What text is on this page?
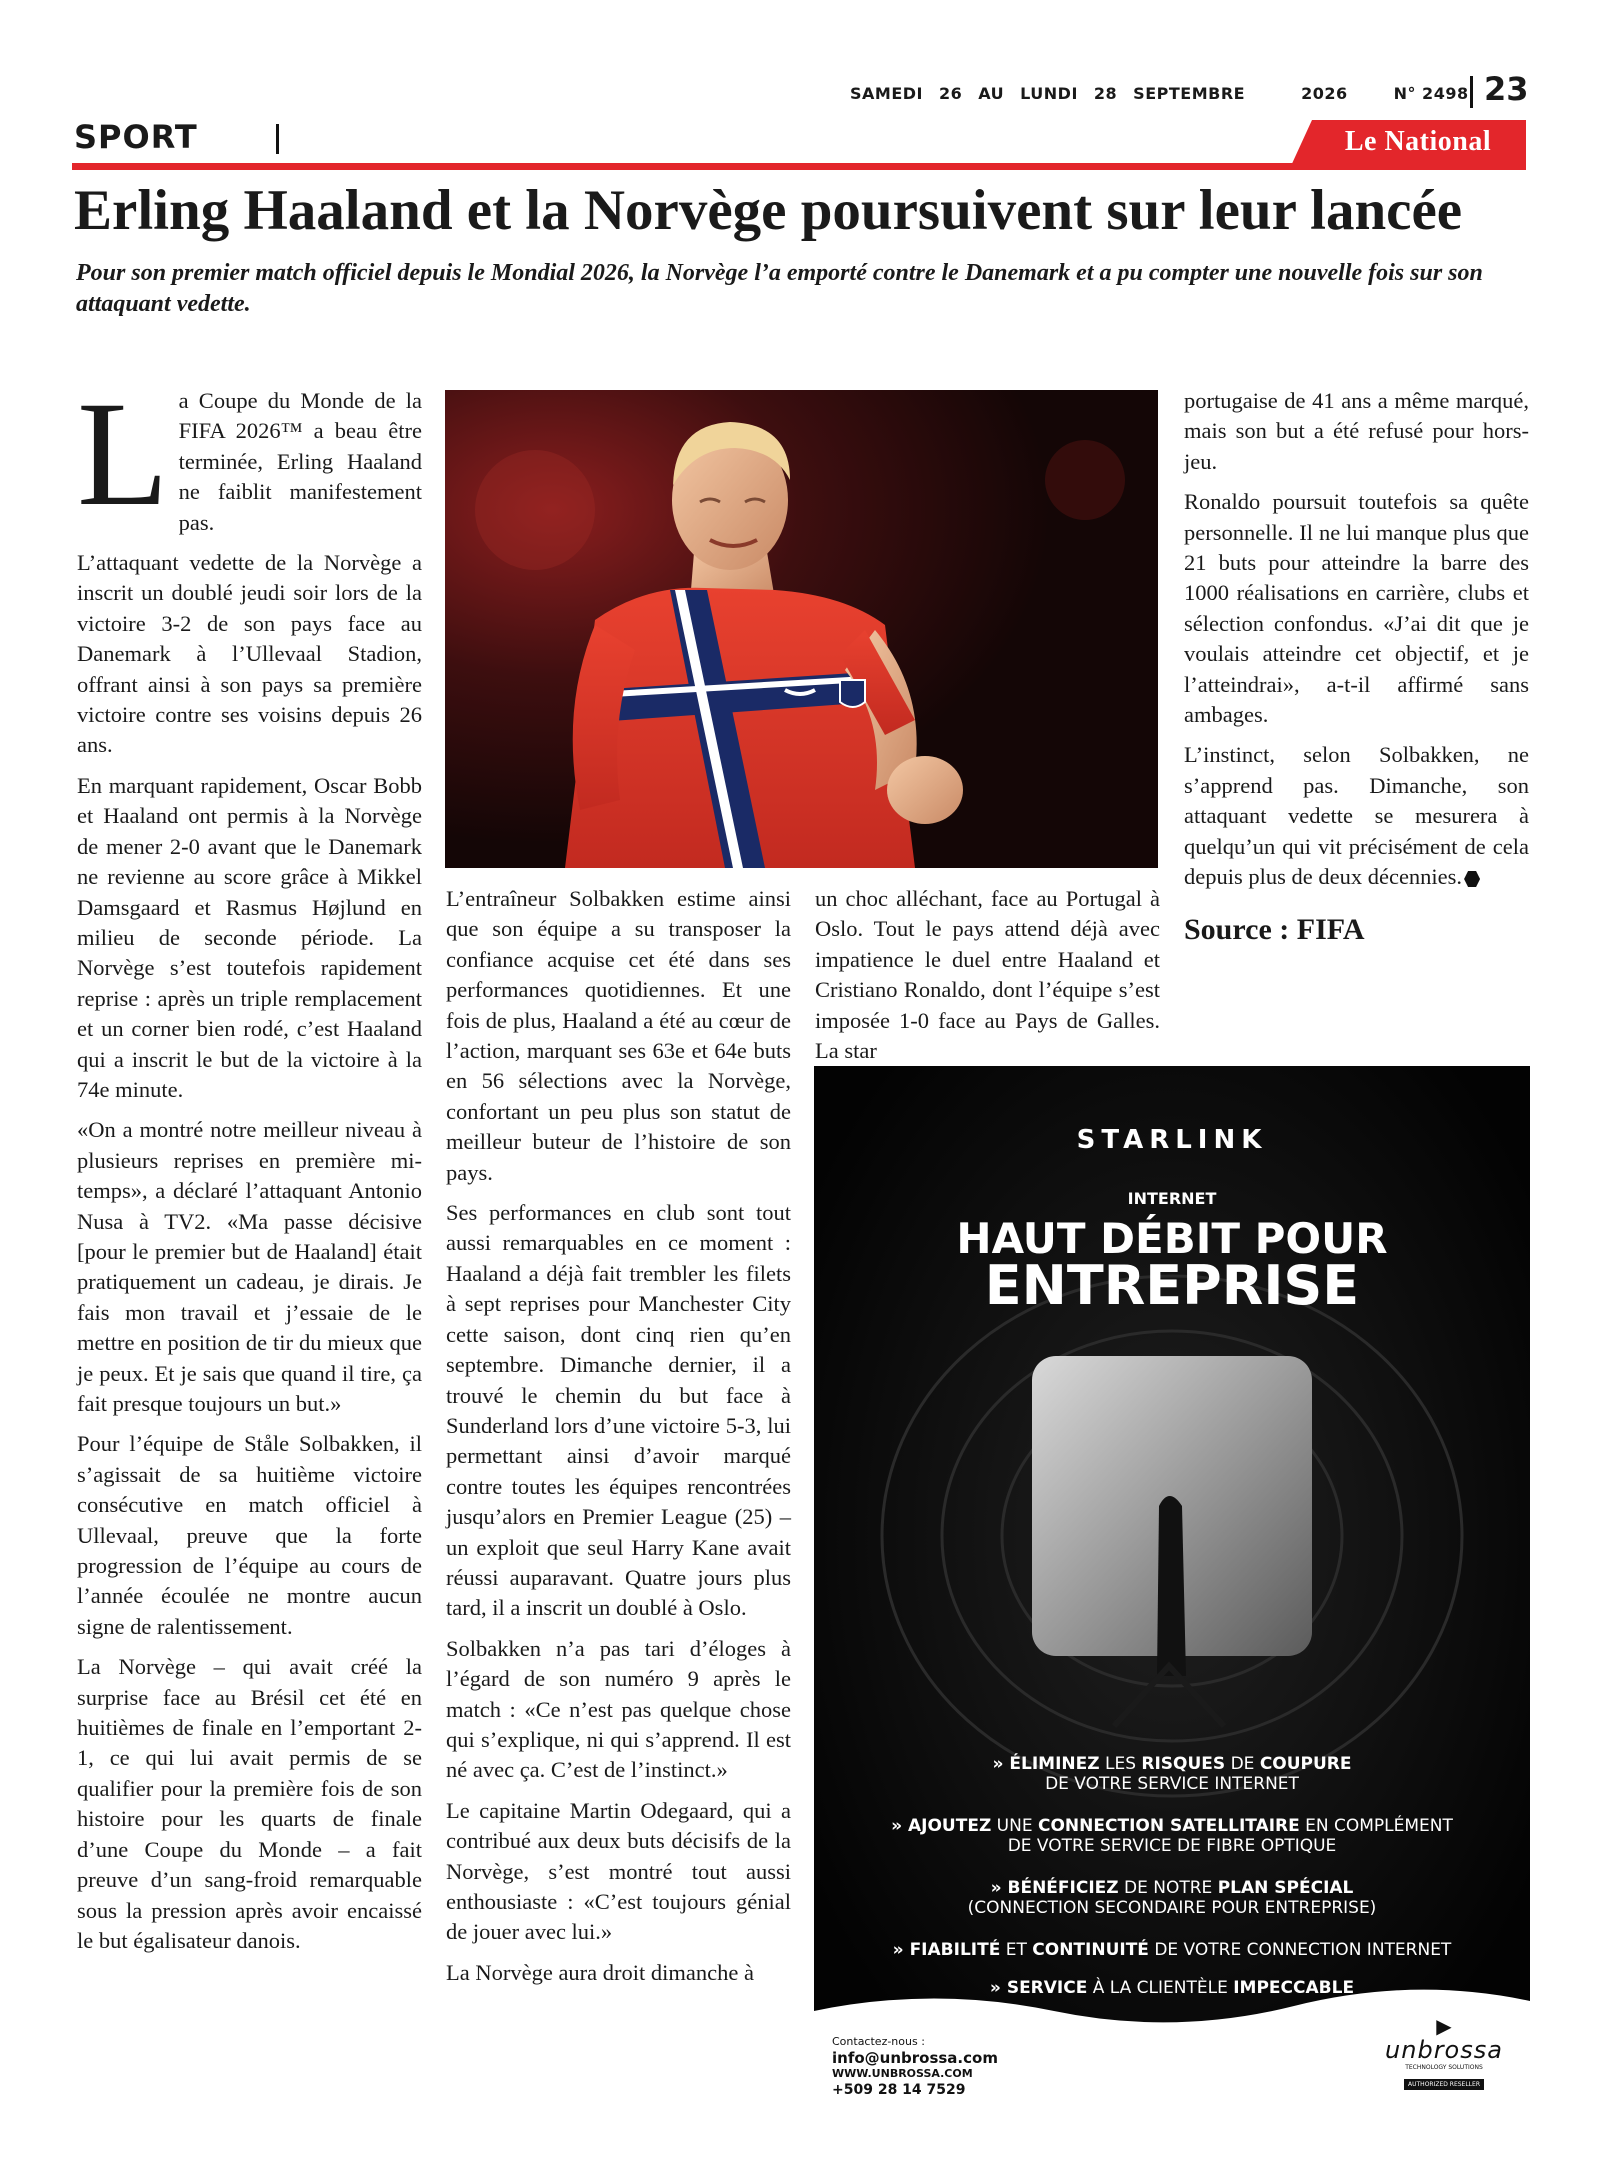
SAMEDI 26 AU LUNDI 28 SEPTEMBRE	2026	N° 2498 23
SPORT	Le National
Erling Haaland et la Norvège poursuivent sur leur lancée
Pour son premier match officiel depuis le Mondial 2026, la Norvège l’a emporté contre le Danemark et a pu compter une nouvelle fois sur son attaquant vedette.

La Coupe du Monde de la FIFA 2026™ a beau être terminée, Erling Haaland ne faiblit manifestement pas.

L’attaquant vedette de la Norvège a inscrit un doublé jeudi soir lors de la victoire 3-2 de son pays face au Danemark à l’Ullevaal Stadion, offrant ainsi à son pays sa première victoire contre ses voisins depuis 26 ans.

En marquant rapidement, Oscar Bobb et Haaland ont permis à la Norvège de mener 2-0 avant que le Danemark ne revienne au score grâce à Mikkel Damsgaard et Rasmus Højlund en milieu de seconde période. La Norvège s’est toutefois rapidement reprise : après un triple remplacement et un corner bien rodé, c’est Haaland qui a inscrit le but de la victoire à la 74e minute.

«On a montré notre meilleur niveau à plusieurs reprises en première mi-temps», a déclaré l’attaquant Antonio Nusa à TV2. «Ma passe décisive [pour le premier but de Haaland] était pratiquement un cadeau, je dirais. Je fais mon travail et j’essaie de le mettre en position de tir du mieux que je peux. Et je sais que quand il tire, ça fait presque toujours un but.»

Pour l’équipe de Ståle Solbakken, il s’agissait de sa huitième victoire consécutive en match officiel à Ullevaal, preuve que la forte progression de l’équipe au cours de l’année écoulée ne montre aucun signe de ralentissement.

La Norvège – qui avait créé la surprise face au Brésil cet été en huitièmes de finale en l’emportant 2-1, ce qui lui avait permis de se qualifier pour la première fois de son histoire pour les quarts de finale d’une Coupe du Monde – a fait preuve d’un sang-froid remarquable sous la pression après avoir encaissé le but égalisateur danois.

L’entraîneur Solbakken estime ainsi que son équipe a su transposer la confiance acquise cet été dans ses performances quotidiennes. Et une fois de plus, Haaland a été au cœur de l’action, marquant ses 63e et 64e buts en 56 sélections avec la Norvège, confortant un peu plus son statut de meilleur buteur de l’histoire de son pays.

Ses performances en club sont tout aussi remarquables en ce moment : Haaland a déjà fait trembler les filets à sept reprises pour Manchester City cette saison, dont cinq rien qu’en septembre. Dimanche dernier, il a trouvé le chemin du but face à Sunderland lors d’une victoire 5-3, lui permettant ainsi d’avoir marqué contre toutes les équipes rencontrées jusqu’alors en Premier League (25) – un exploit que seul Harry Kane avait réussi auparavant. Quatre jours plus tard, il a inscrit un doublé à Oslo.

Solbakken n’a pas tari d’éloges à l’égard de son numéro 9 après le match : «Ce n’est pas quelque chose qui s’explique, ni qui s’apprend. Il est né avec ça. C’est de l’instinct.»

Le capitaine Martin Odegaard, qui a contribué aux deux buts décisifs de la Norvège, s’est montré tout aussi enthousiaste : «C’est toujours génial de jouer avec lui.»

La Norvège aura droit dimanche à

un choc alléchant, face au Portugal à Oslo. Tout le pays attend déjà avec impatience le duel entre Haaland et Cristiano Ronaldo, dont l’équipe s’est imposée 1-0 face au Pays de Galles. La star

portugaise de 41 ans a même marqué, mais son but a été refusé pour hors-jeu.

Ronaldo poursuit toutefois sa quête personnelle. Il ne lui manque plus que 21 buts pour atteindre la barre des 1000 réalisations en carrière, clubs et sélection confondus. «J’ai dit que je voulais atteindre cet objectif, et je l’atteindrai», a-t-il affirmé sans ambages.

L’instinct, selon Solbakken, ne s’apprend pas. Dimanche, son attaquant vedette se mesurera à quelqu’un qui vit précisément de cela depuis plus de deux décennies.

Source : FIFA
STARLINK
INTERNET
HAUT DÉBIT POUR
ENTREPRISE
» ÉLIMINEZ LES RISQUES DE COUPURE
DE VOTRE SERVICE INTERNET
» AJOUTEZ UNE CONNECTION SATELLITAIRE EN COMPLÉMENT
DE VOTRE SERVICE DE FIBRE OPTIQUE
» BÉNÉFICIEZ DE NOTRE PLAN SPÉCIAL
(CONNECTION SECONDAIRE POUR ENTREPRISE)
» FIABILITÉ ET CONTINUITÉ DE VOTRE CONNECTION INTERNET
» SERVICE À LA CLIENTÈLE IMPECCABLE
Contactez-nous :
info@unbrossa.com
WWW.UNBROSSA.COM
+509 28 14 7529
▶
unbrossa
TECHNOLOGY SOLUTIONS
AUTHORIZED RESELLER
